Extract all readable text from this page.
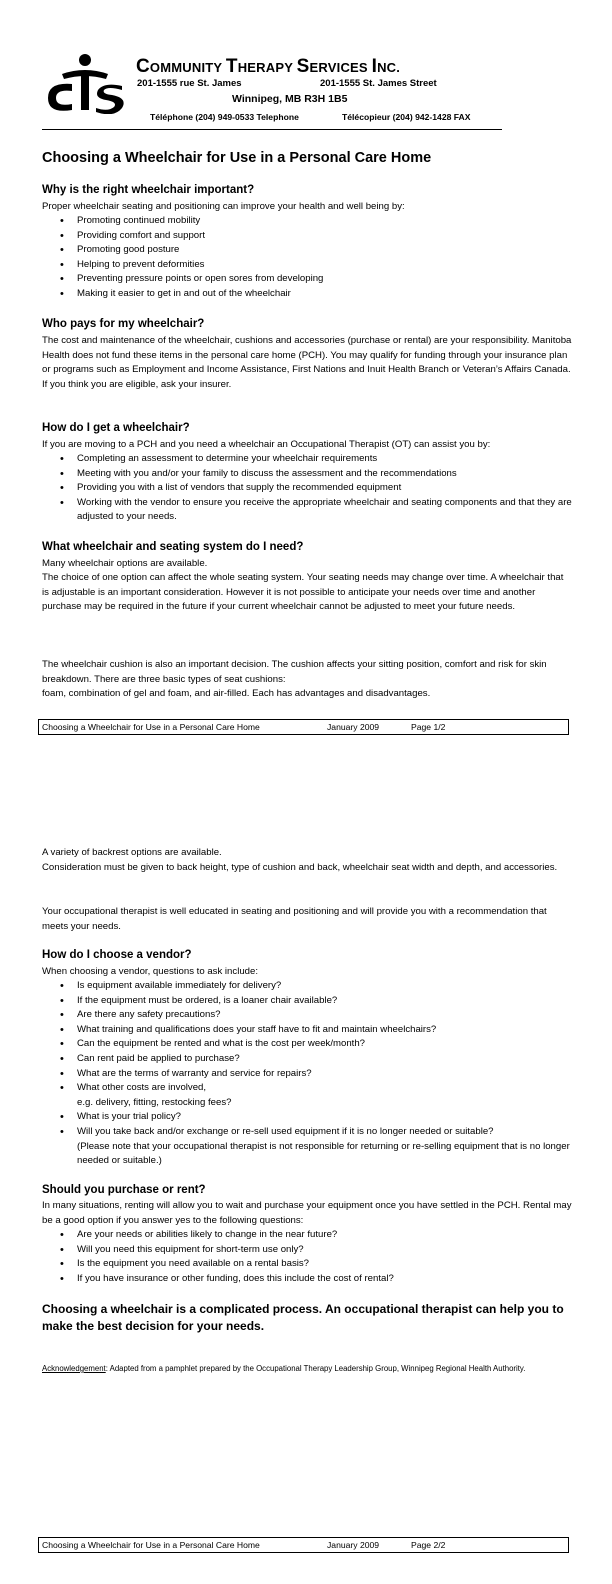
COMMUNITY THERAPY SERVICES INC.
201-1555 rue St. James	201-1555 St. James Street
Winnipeg, MB R3H 1B5
Téléphone (204) 949-0533 Telephone	Télécopieur (204) 942-1428 FAX
Choosing a Wheelchair for Use in a Personal Care Home
Why is the right wheelchair important?
Proper wheelchair seating and positioning can improve your health and well being by:
• Promoting continued mobility
• Providing comfort and support
• Promoting good posture
• Helping to prevent deformities
• Preventing pressure points or open sores from developing
• Making it easier to get in and out of the wheelchair
Who pays for my wheelchair?
The cost and maintenance of the wheelchair, cushions and accessories (purchase or rental) are your responsibility. Manitoba Health does not fund these items in the personal care home (PCH). You may qualify for funding through your insurance plan or programs such as Employment and Income Assistance, First Nations and Inuit Health Branch or Veteran’s Affairs Canada. If you think you are eligible, ask your insurer.
How do I get a wheelchair?
If you are moving to a PCH and you need a wheelchair an Occupational Therapist (OT) can assist you by:
• Completing an assessment to determine your wheelchair requirements
• Meeting with you and/or your family to discuss the assessment and the recommendations
• Providing you with a list of vendors that supply the recommended equipment
• Working with the vendor to ensure you receive the appropriate wheelchair and seating components and that they are adjusted to your needs.
What wheelchair and seating system do I need?
Many wheelchair options are available.
The choice of one option can affect the whole seating system. Your seating needs may change over time. A wheelchair that is adjustable is an important consideration. However it is not possible to anticipate your needs over time and another purchase may be required in the future if your current wheelchair cannot be adjusted to meet your future needs.

The wheelchair cushion is also an important decision. The cushion affects your sitting position, comfort and risk for skin breakdown. There are three basic types of seat cushions:

foam, combination of gel and foam, and air-filled. Each has advantages and disadvantages.

Choosing a Wheelchair for Use in a Personal Care Home	January 2009	Page 1/2

A variety of backrest options are available.

Consideration must be given to back height, type of cushion and back, wheelchair seat width and depth, and accessories.

Your occupational therapist is well educated in seating and positioning and will provide you with a recommendation that meets your needs.
How do I choose a vendor?
When choosing a vendor, questions to ask include:
• Is equipment available immediately for delivery?
• If the equipment must be ordered, is a loaner chair available?
• Are there any safety precautions?
• What training and qualifications does your staff have to fit and maintain wheelchairs?
• Can the equipment be rented and what is the cost per week/month?
• Can rent paid be applied to purchase?
• What are the terms of warranty and service for repairs?
• What other costs are involved,
e.g. delivery, fitting, restocking fees?
• What is your trial policy?
• Will you take back and/or exchange or re-sell used equipment if it is no longer needed or suitable?
(Please note that your occupational therapist is not responsible for returning or re-selling equipment that is no longer needed or suitable.)
Should you purchase or rent?
In many situations, renting will allow you to wait and purchase your equipment once you have settled in the PCH. Rental may be a good option if you answer yes to the following questions:
• Are your needs or abilities likely to change in the near future?
• Will you need this equipment for short-term use only?
• Is the equipment you need available on a rental basis?
• If you have insurance or other funding, does this include the cost of rental?
Choosing a wheelchair is a complicated process. An occupational therapist can help you to make the best decision for your needs.
Acknowledgement: Adapted from a pamphlet prepared by the Occupational Therapy Leadership Group, Winnipeg Regional Health Authority.
Choosing a Wheelchair for Use in a Personal Care Home	January 2009	Page 2/2
